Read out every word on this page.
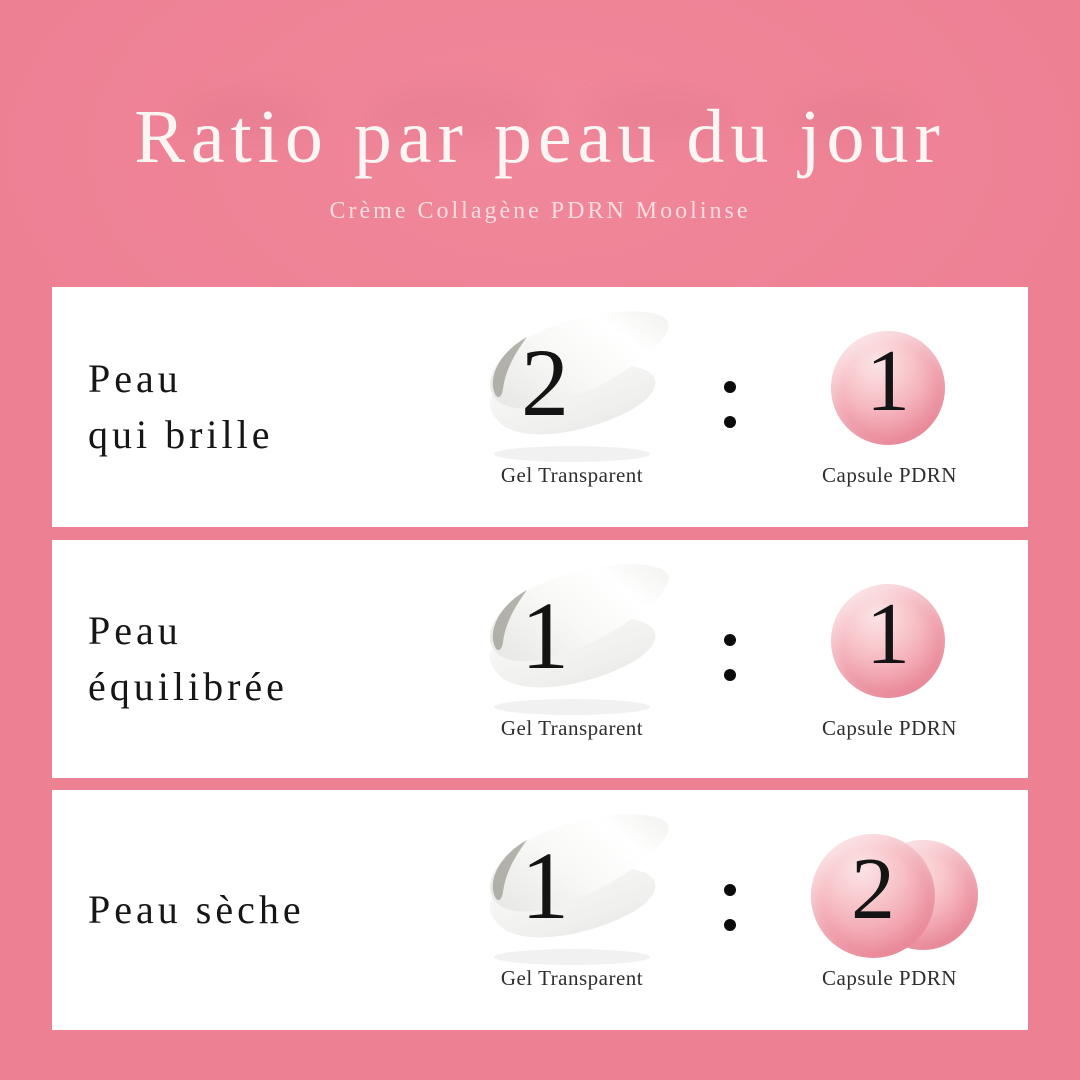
Ratio par peau du jour

Crème Collagène PDRN Moolinse

Peau
qui brille	2
Gel Transparent
1
Capsule PDRN
Peau
équilibrée 1
Gel Transparent
1
Capsule PDRN
Peau sèche 1
Gel Transparent
2
Capsule PDRN
